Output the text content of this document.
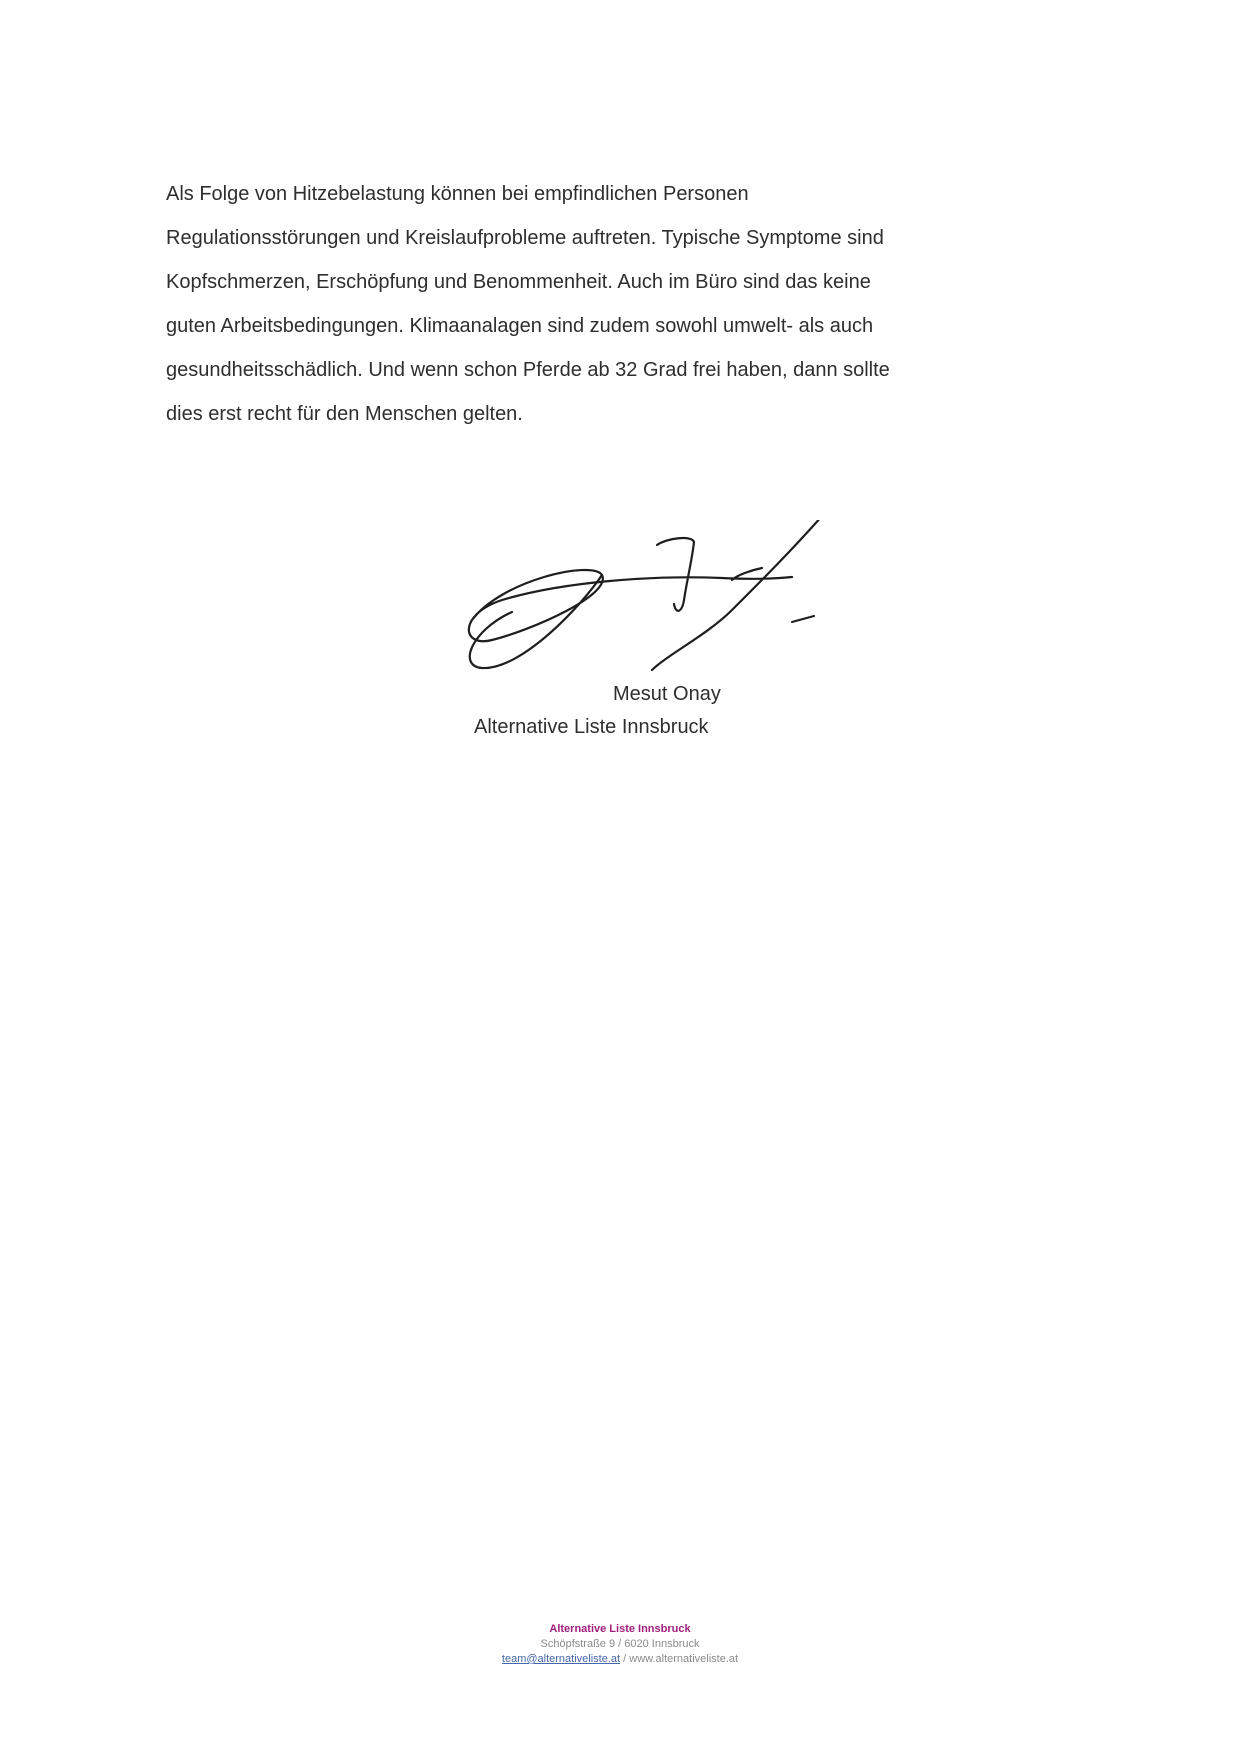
Als Folge von Hitzebelastung können bei empfindlichen Personen
Regulationsstörungen und Kreislaufprobleme auftreten. Typische Symptome sind
Kopfschmerzen, Erschöpfung und Benommenheit. Auch im Büro sind das keine
guten Arbeitsbedingungen. Klimaanalagen sind zudem sowohl umwelt- als auch
gesundheitsschädlich. Und wenn schon Pferde ab 32 Grad frei haben, dann sollte
dies erst recht für den Menschen gelten.
Mesut Onay
Alternative Liste Innsbruck
Alternative Liste Innsbruck
Schöpfstraße 9 / 6020 Innsbruck
team@alternativeliste.at / www.alternativeliste.at
